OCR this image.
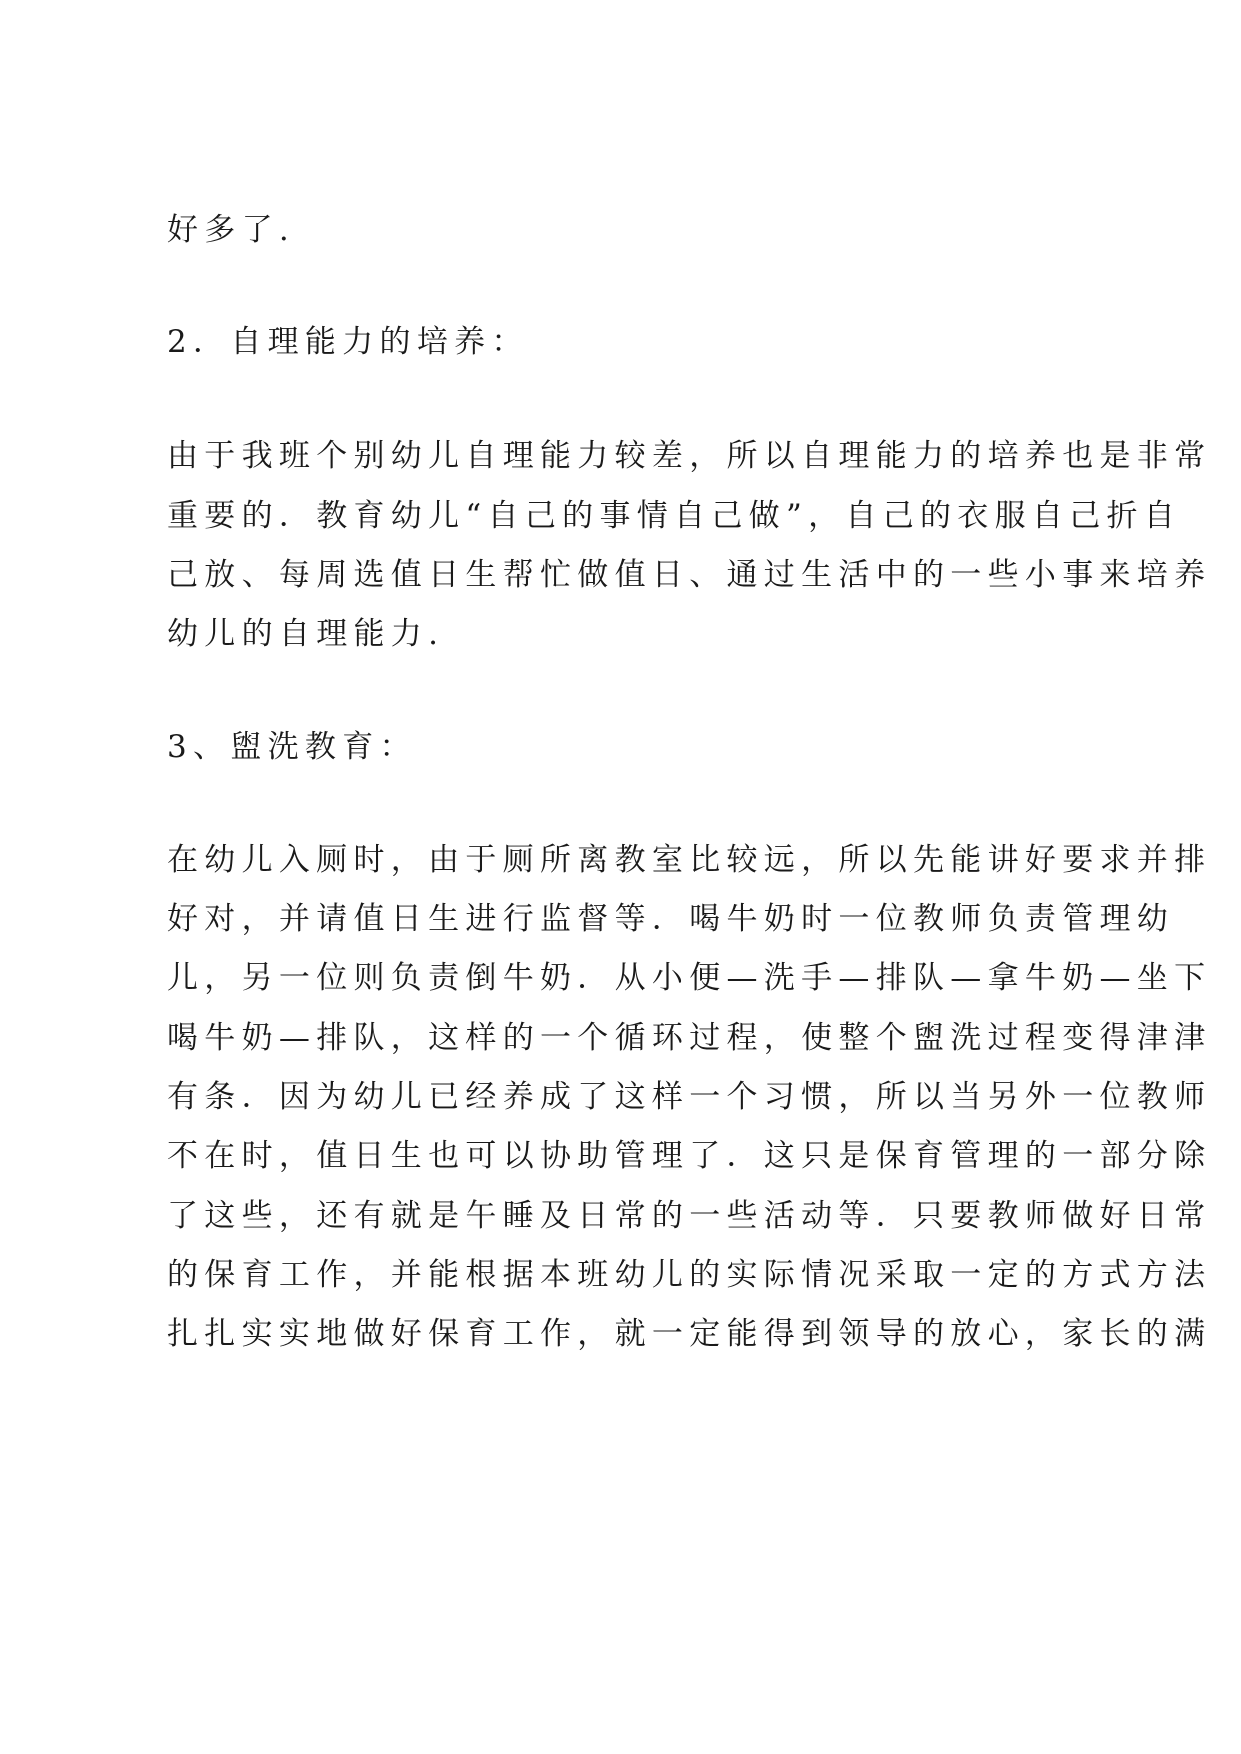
好多了.

2．自理能力的培养：

由于我班个别幼儿自理能力较差，所以自理能力的培养也是非常

重要的．教育幼儿“自己的事情自己做”，自己的衣服自己折自

己放、每周选值日生帮忙做值日、通过生活中的一些小事来培养

幼儿的自理能力.

3、盥洗教育：

在幼儿入厕时，由于厕所离教室比较远，所以先能讲好要求并排

好对，并请值日生进行监督等．喝牛奶时一位教师负责管理幼

儿，另一位则负责倒牛奶．从小便—洗手—排队—拿牛奶—坐下

喝牛奶—排队，这样的一个循环过程，使整个盥洗过程变得津津

有条．因为幼儿已经养成了这样一个习惯，所以当另外一位教师

不在时，值日生也可以协助管理了．这只是保育管理的一部分除

了这些，还有就是午睡及日常的一些活动等．只要教师做好日常

的保育工作，并能根据本班幼儿的实际情况采取一定的方式方法

扎扎实实地做好保育工作，就一定能得到领导的放心，家长的满
